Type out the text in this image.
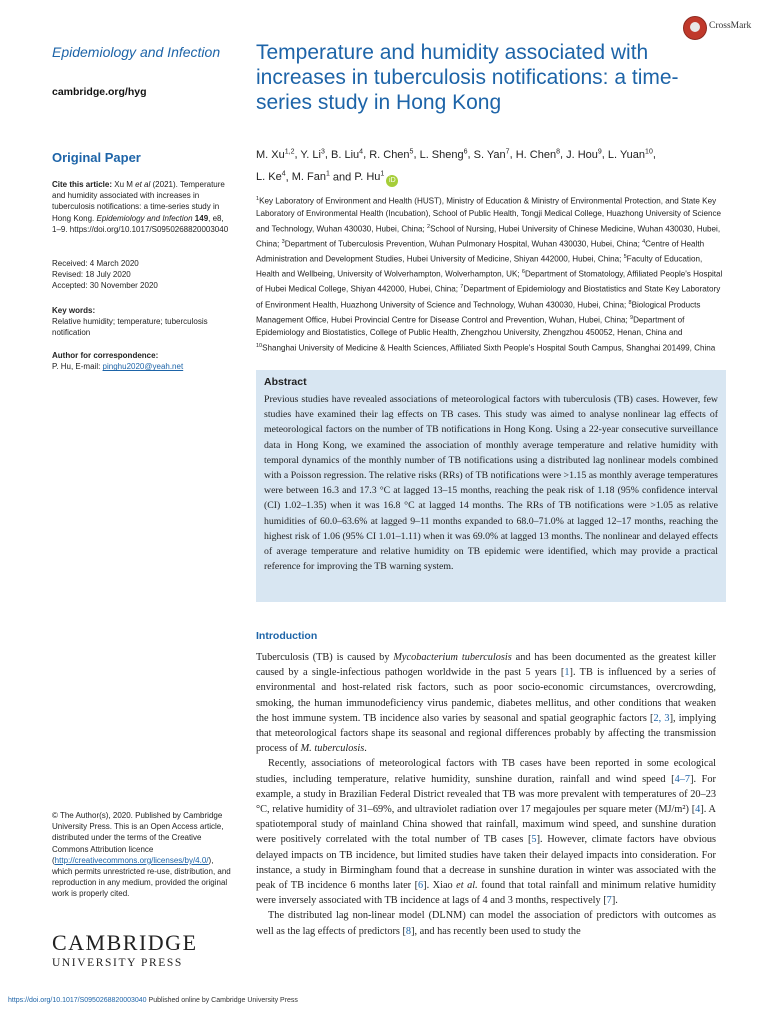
Epidemiology and Infection
cambridge.org/hyg
Original Paper
Cite this article: Xu M et al (2021). Temperature and humidity associated with increases in tuberculosis notifications: a time-series study in Hong Kong. Epidemiology and Infection 149, e8, 1–9. https://doi.org/10.1017/S0950268820003040
Received: 4 March 2020
Revised: 18 July 2020
Accepted: 30 November 2020
Key words:
Relative humidity; temperature; tuberculosis notification
Author for correspondence:
P. Hu, E-mail: pinghu2020@yeah.net
© The Author(s), 2020. Published by Cambridge University Press. This is an Open Access article, distributed under the terms of the Creative Commons Attribution licence (http://creativecommons.org/licenses/by/4.0/), which permits unrestricted re-use, distribution, and reproduction in any medium, provided the original work is properly cited.
CAMBRIDGE
UNIVERSITY PRESS
CrossMark
Temperature and humidity associated with increases in tuberculosis notifications: a time-series study in Hong Kong
M. Xu$^{1,2}$, Y. Li$^3$, B. Liu$^4$, R. Chen$^5$, L. Sheng$^6$, S. Yan$^7$, H. Chen$^8$, J. Hou$^9$, L. Yuan$^{10}$,
L. Ke$^4$, M. Fan$^1$ and P. Hu$^1$iD
$^1$Key Laboratory of Environment and Health (HUST), Ministry of Education & Ministry of Environmental Protection, and State Key Laboratory of Environmental Health (Incubation), School of Public Health, Tongji Medical College, Huazhong University of Science and Technology, Wuhan 430030, Hubei, China; $^2$School of Nursing, Hubei University of Chinese Medicine, Wuhan 430030, Hubei, China; $^3$Department of Tuberculosis Prevention, Wuhan Pulmonary Hospital, Wuhan 430030, Hubei, China; $^4$Centre of Health Administration and Development Studies, Hubei University of Medicine, Shiyan 442000, Hubei, China; $^5$Faculty of Education, Health and Wellbeing, University of Wolverhampton, Wolverhampton, UK; $^6$Department of Stomatology, Affiliated People's Hospital of Hubei Medical College, Shiyan 442000, Hubei, China; $^7$Department of Epidemiology and Biostatistics and State Key Laboratory of Environment Health, Huazhong University of Science and Technology, Wuhan 430030, Hubei, China; $^8$Biological Products Management Office, Hubei Provincial Centre for Disease Control and Prevention, Wuhan, Hubei, China; $^9$Department of Epidemiology and Biostatistics, College of Public Health, Zhengzhou University, Zhengzhou 450052, Henan, China and $^{10}$Shanghai University of Medicine & Health Sciences, Affiliated Sixth People's Hospital South Campus, Shanghai 201499, China
Abstract
Previous studies have revealed associations of meteorological factors with tuberculosis (TB) cases. However, few studies have examined their lag effects on TB cases. This study was aimed to analyse nonlinear lag effects of meteorological factors on the number of TB notifications in Hong Kong. Using a 22-year consecutive surveillance data in Hong Kong, we examined the association of monthly average temperature and relative humidity with temporal dynamics of the monthly number of TB notifications using a distributed lag nonlinear models combined with a Poisson regression. The relative risks (RRs) of TB notifications were >1.15 as monthly average temperatures were between 16.3 and 17.3 °C at lagged 13–15 months, reaching the peak risk of 1.18 (95% confidence interval (CI) 1.02–1.35) when it was 16.8 °C at lagged 14 months. The RRs of TB notifications were >1.05 as relative humidities of 60.0–63.6% at lagged 9–11 months expanded to 68.0–71.0% at lagged 12–17 months, reaching the highest risk of 1.06 (95% CI 1.01–1.11) when it was 69.0% at lagged 13 months. The nonlinear and delayed effects of average temperature and relative humidity on TB epidemic were identified, which may provide a practical reference for improving the TB warning system.
Introduction

Tuberculosis (TB) is caused by Mycobacterium tuberculosis and has been documented as the greatest killer caused by a single-infectious pathogen worldwide in the past 5 years [1]. TB is influenced by a series of environmental and host-related risk factors, such as poor socio-economic circumstances, overcrowding, smoking, the human immunodeficiency virus pandemic, diabetes mellitus, and other conditions that weaken the host immune system. TB incidence also varies by seasonal and spatial geographic factors [2, 3], implying that meteorological factors shape its seasonal and regional differences probably by affecting the transmission process of M. tuberculosis.

Recently, associations of meteorological factors with TB cases have been reported in some ecological studies, including temperature, relative humidity, sunshine duration, rainfall and wind speed [4–7]. For example, a study in Brazilian Federal District revealed that TB was more prevalent with temperatures of 20–23 °C, relative humidity of 31–69%, and ultraviolet radiation over 17 megajoules per square meter (MJ/m²) [4]. A spatiotemporal study of mainland China showed that rainfall, maximum wind speed, and sunshine duration were positively correlated with the total number of TB cases [5]. However, climate factors have obvious delayed impacts on TB incidence, but limited studies have taken their delayed impacts into consideration. For instance, a study in Birmingham found that a decrease in sunshine duration in winter was associated with the peak of TB incidence 6 months later [6]. Xiao et al. found that total rainfall and minimum relative humidity were inversely associated with TB incidence at lags of 4 and 3 months, respectively [7].

The distributed lag non-linear model (DLNM) can model the association of predictors with outcomes as well as the lag effects of predictors [8], and has recently been used to study the

https://doi.org/10.1017/S0950268820003040 Published online by Cambridge University Press
